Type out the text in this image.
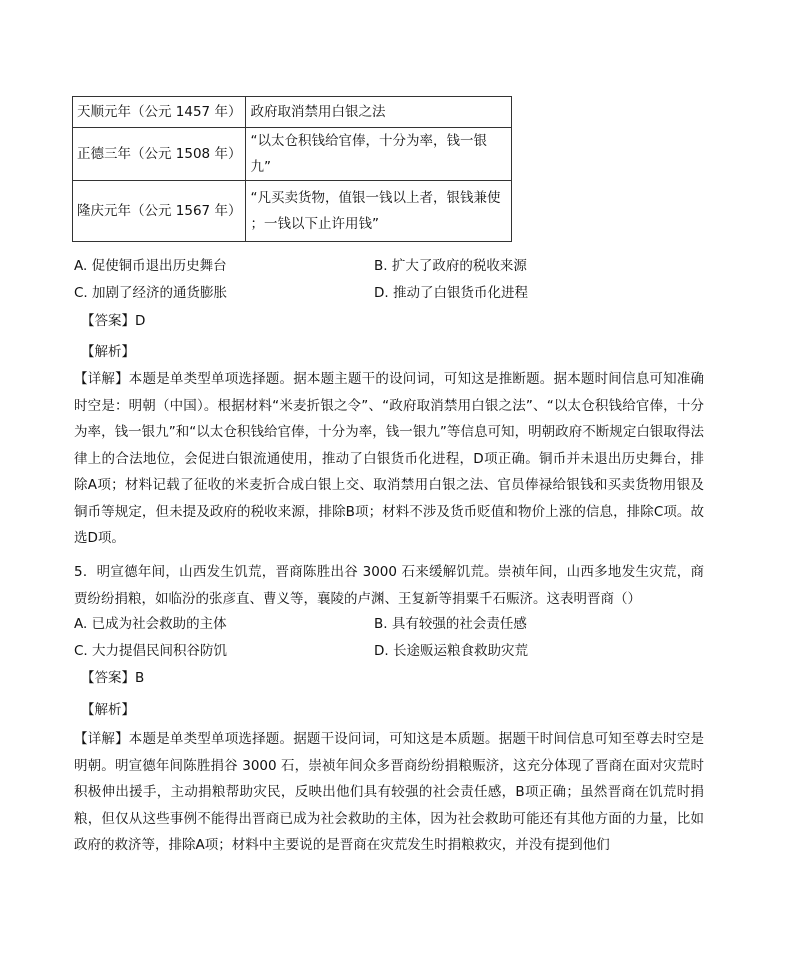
天顺元年（公元 1457 年）	政府取消禁用白银之法

正德三年（公元 1508 年）	“以太仓积钱给官俸，十分为率，钱一银九”

隆庆元年（公元 1567 年）	“凡买卖货物，值银一钱以上者，银钱兼使
；一钱以下止许用钱”
A. 促使铜币退出历史舞台	B. 扩大了政府的税收来源
C. 加剧了经济的通货膨胀	D. 推动了白银货币化进程
【答案】D
【解析】

【详解】本题是单类型单项选择题。据本题主题干的设问词，可知这是推断题。据本题时间信息可知准确时空是：明朝（中国）。根据材料“米麦折银之令”、“政府取消禁用白银之法”、“以太仓积钱给官俸，十分为率，钱一银九”和“以太仓积钱给官俸，十分为率，钱一银九”等信息可知，明朝政府不断规定白银取得法律上的合法地位，会促进白银流通使用，推动了白银货币化进程，D项正确。铜币并未退出历史舞台，排除A项；材料记载了征收的米麦折合成白银上交、取消禁用白银之法、官员俸禄给银钱和买卖货物用银及铜币等规定，但未提及政府的税收来源，排除B项；材料不涉及货币贬值和物价上涨的信息，排除C项。故选D项。

5．明宣德年间，山西发生饥荒，晋商陈胜出谷 3000 石来缓解饥荒。崇祯年间，山西多地发生灾荒，商贾纷纷捐粮，如临汾的张彦直、曹义等，襄陵的卢渊、王复新等捐粟千石赈济。这表明晋商（）

A. 已成为社会救助的主体	B. 具有较强的社会责任感
C. 大力提倡民间积谷防饥	D. 长途贩运粮食救助灾荒
【答案】B
【解析】

【详解】本题是单类型单项选择题。据题干设问词，可知这是本质题。据题干时间信息可知至尊去时空是明朝。明宣德年间陈胜捐谷 3000 石，崇祯年间众多晋商纷纷捐粮赈济，这充分体现了晋商在面对灾荒时积极伸出援手，主动捐粮帮助灾民，反映出他们具有较强的社会责任感，B项正确；虽然晋商在饥荒时捐粮，但仅从这些事例不能得出晋商已成为社会救助的主体，因为社会救助可能还有其他方面的力量，比如政府的救济等，排除A项；材料中主要说的是晋商在灾荒发生时捐粮救灾，并没有提到他们
